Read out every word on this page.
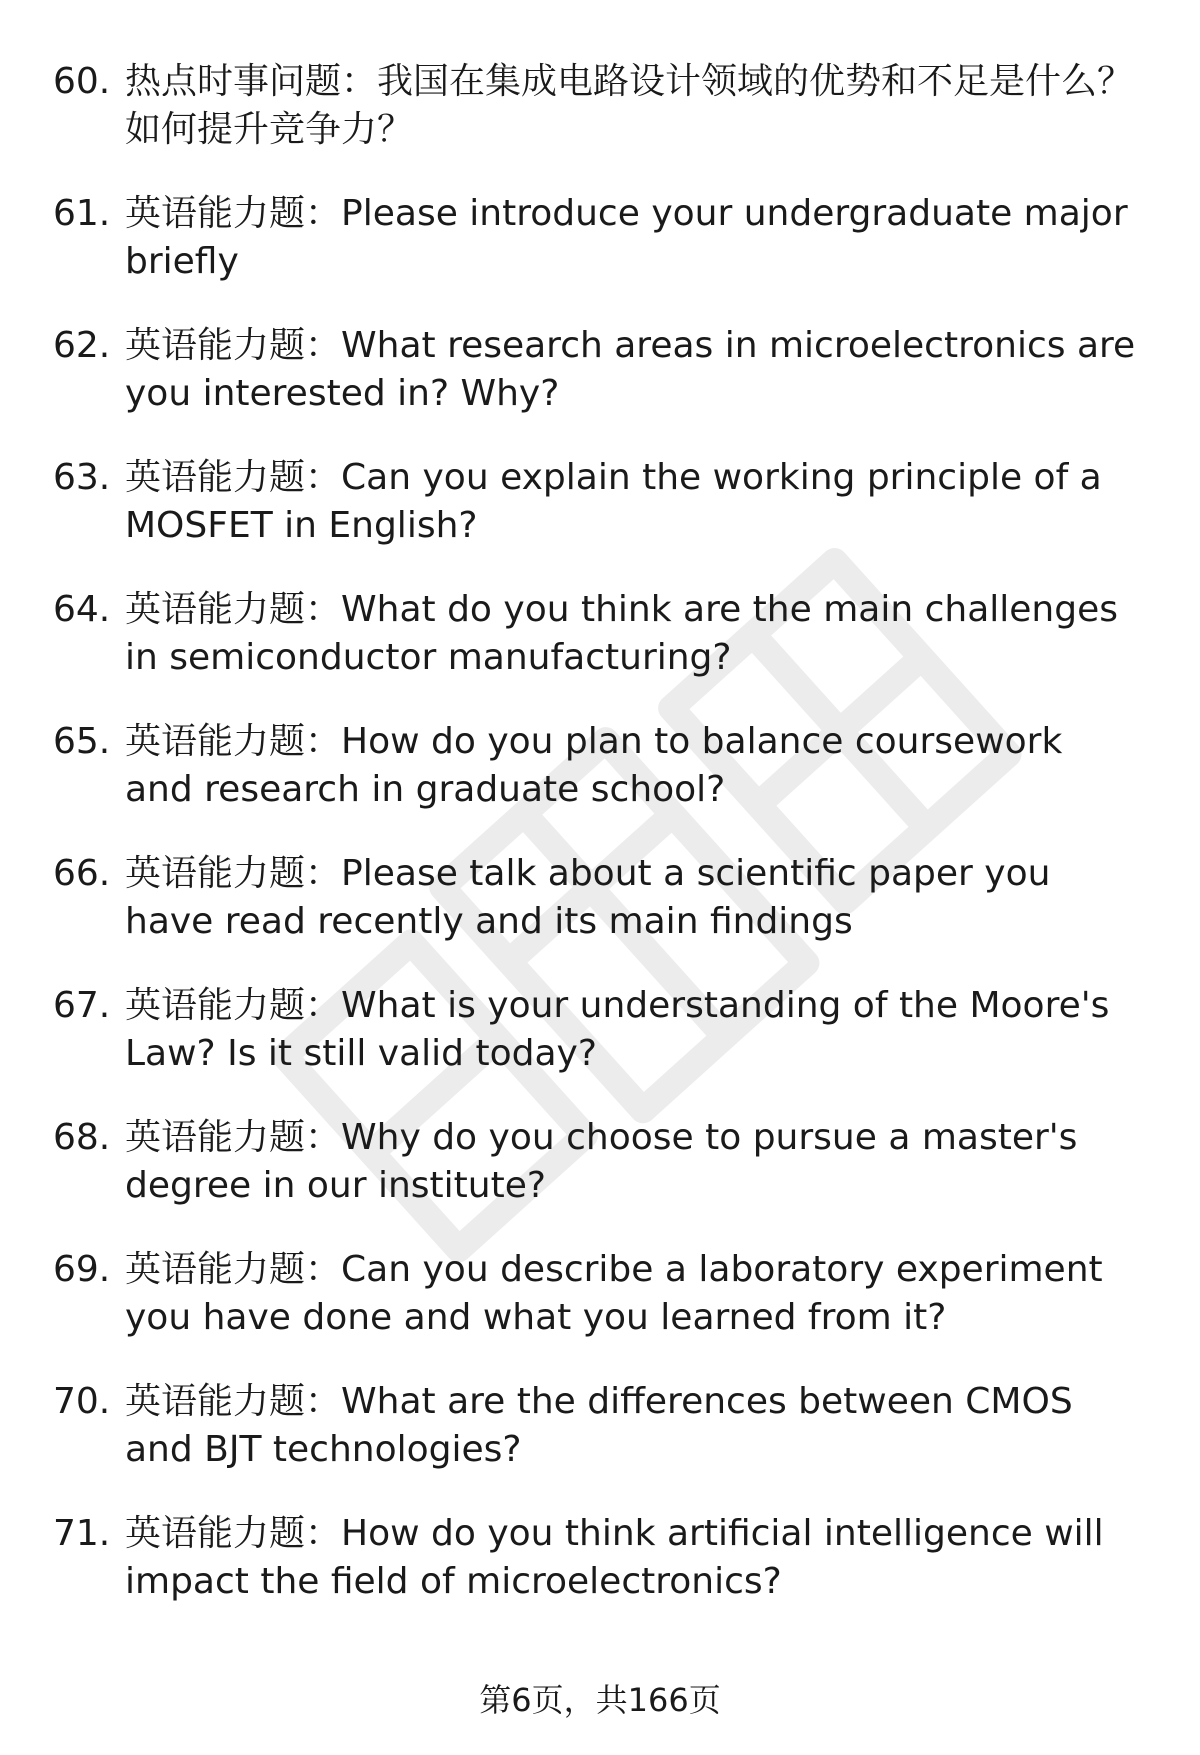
60. 热点时事问题：我国在集成电路设计领域的优势和不足是什么？如何提升竞争力？
61. 英语能力题：Please introduce your undergraduate major briefly
62. 英语能力题：What research areas in microelectronics are you interested in? Why?
63. 英语能力题：Can you explain the working principle of a MOSFET in English?
64. 英语能力题：What do you think are the main challenges in semiconductor manufacturing?
65. 英语能力题：How do you plan to balance coursework and research in graduate school?
66. 英语能力题：Please talk about a scientific paper you have read recently and its main findings
67. 英语能力题：What is your understanding of the Moore's Law? Is it still valid today?
68. 英语能力题：Why do you choose to pursue a master's degree in our institute?
69. 英语能力题：Can you describe a laboratory experiment you have done and what you learned from it?
70. 英语能力题：What are the differences between CMOS and BJT technologies?
71. 英语能力题：How do you think artificial intelligence will impact the field of microelectronics?
第6页，共166页
